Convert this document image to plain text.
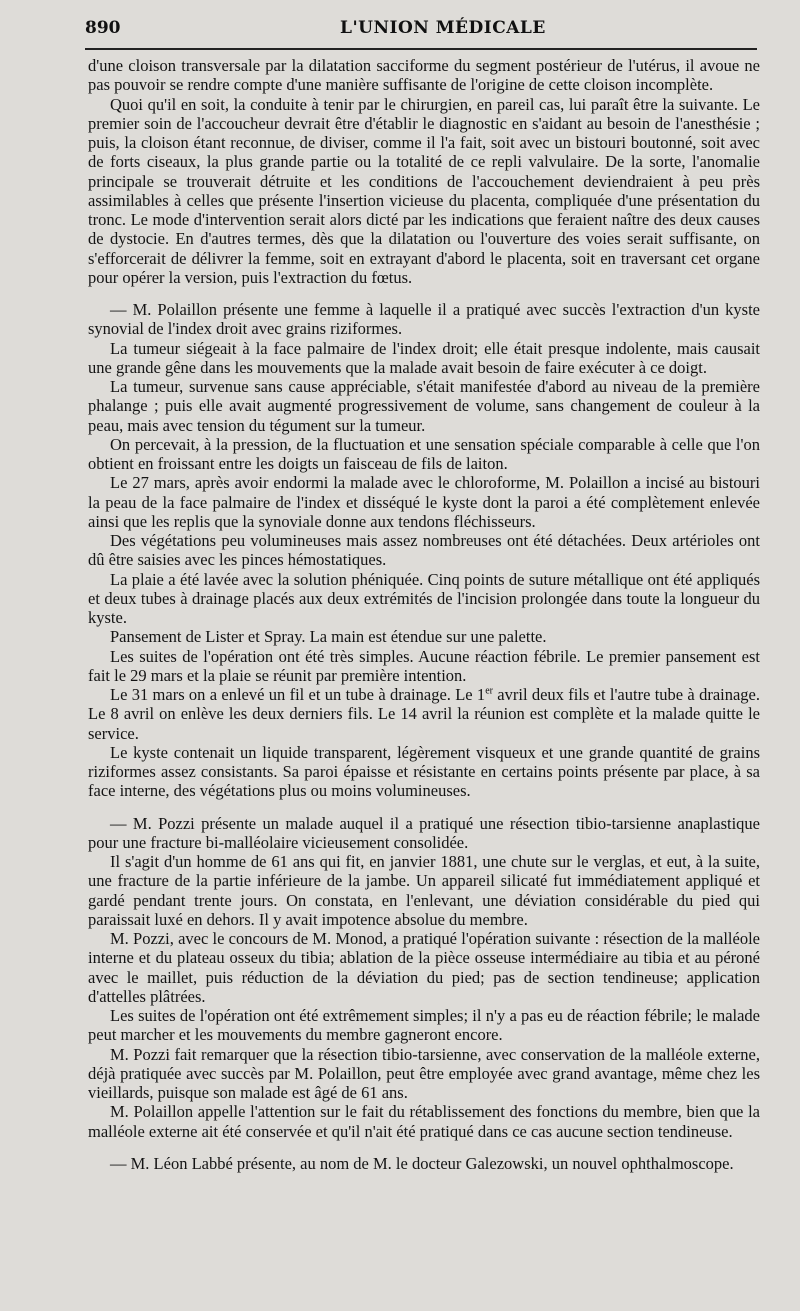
890	L'UNION MÉDICALE

d'une cloison transversale par la dilatation sacciforme du segment postérieur de l'utérus, il avoue ne pas pouvoir se rendre compte d'une manière suffisante de l'origine de cette cloison incomplète.

Quoi qu'il en soit, la conduite à tenir par le chirurgien, en pareil cas, lui paraît être la suivante. Le premier soin de l'accoucheur devrait être d'établir le diagnostic en s'aidant au besoin de l'anesthésie ; puis, la cloison étant reconnue, de diviser, comme il l'a fait, soit avec un bistouri boutonné, soit avec de forts ciseaux, la plus grande partie ou la totalité de ce repli valvulaire. De la sorte, l'anomalie principale se trouverait détruite et les conditions de l'accouchement deviendraient à peu près assimilables à celles que présente l'insertion vicieuse du placenta, compliquée d'une présentation du tronc. Le mode d'intervention serait alors dicté par les indications que feraient naître des deux causes de dystocie. En d'autres termes, dès que la dilatation ou l'ouverture des voies serait suffisante, on s'efforcerait de délivrer la femme, soit en extrayant d'abord le placenta, soit en traversant cet organe pour opérer la version, puis l'extraction du fœtus.

— M. Polaillon présente une femme à laquelle il a pratiqué avec succès l'extraction d'un kyste synovial de l'index droit avec grains riziformes.

La tumeur siégeait à la face palmaire de l'index droit; elle était presque indolente, mais causait une grande gêne dans les mouvements que la malade avait besoin de faire exécuter à ce doigt.

La tumeur, survenue sans cause appréciable, s'était manifestée d'abord au niveau de la première phalange ; puis elle avait augmenté progressivement de volume, sans changement de couleur à la peau, mais avec tension du tégument sur la tumeur.

On percevait, à la pression, de la fluctuation et une sensation spéciale comparable à celle que l'on obtient en froissant entre les doigts un faisceau de fils de laiton.

Le 27 mars, après avoir endormi la malade avec le chloroforme, M. Polaillon a incisé au bistouri la peau de la face palmaire de l'index et disséqué le kyste dont la paroi a été complètement enlevée ainsi que les replis que la synoviale donne aux tendons fléchisseurs.

Des végétations peu volumineuses mais assez nombreuses ont été détachées. Deux artérioles ont dû être saisies avec les pinces hémostatiques.

La plaie a été lavée avec la solution phéniquée. Cinq points de suture métallique ont été appliqués et deux tubes à drainage placés aux deux extrémités de l'incision prolongée dans toute la longueur du kyste.

Pansement de Lister et Spray. La main est étendue sur une palette.

Les suites de l'opération ont été très simples. Aucune réaction fébrile. Le premier pansement est fait le 29 mars et la plaie se réunit par première intention.

Le 31 mars on a enlevé un fil et un tube à drainage. Le 1er avril deux fils et l'autre tube à drainage. Le 8 avril on enlève les deux derniers fils. Le 14 avril la réunion est complète et la malade quitte le service.

Le kyste contenait un liquide transparent, légèrement visqueux et une grande quantité de grains riziformes assez consistants. Sa paroi épaisse et résistante en certains points présente par place, à sa face interne, des végétations plus ou moins volumineuses.

— M. Pozzi présente un malade auquel il a pratiqué une résection tibio-tarsienne anaplastique pour une fracture bi-malléolaire vicieusement consolidée.

Il s'agit d'un homme de 61 ans qui fit, en janvier 1881, une chute sur le verglas, et eut, à la suite, une fracture de la partie inférieure de la jambe. Un appareil silicaté fut immédiatement appliqué et gardé pendant trente jours. On constata, en l'enlevant, une déviation considérable du pied qui paraissait luxé en dehors. Il y avait impotence absolue du membre.

M. Pozzi, avec le concours de M. Monod, a pratiqué l'opération suivante : résection de la malléole interne et du plateau osseux du tibia; ablation de la pièce osseuse intermédiaire au tibia et au péroné avec le maillet, puis réduction de la déviation du pied; pas de section tendineuse; application d'attelles plâtrées.

Les suites de l'opération ont été extrêmement simples; il n'y a pas eu de réaction fébrile; le malade peut marcher et les mouvements du membre gagneront encore.

M. Pozzi fait remarquer que la résection tibio-tarsienne, avec conservation de la malléole externe, déjà pratiquée avec succès par M. Polaillon, peut être employée avec grand avantage, même chez les vieillards, puisque son malade est âgé de 61 ans.

M. Polaillon appelle l'attention sur le fait du rétablissement des fonctions du membre, bien que la malléole externe ait été conservée et qu'il n'ait été pratiqué dans ce cas aucune section tendineuse.

— M. Léon Labbé présente, au nom de M. le docteur Galezowski, un nouvel ophthalmoscope.
